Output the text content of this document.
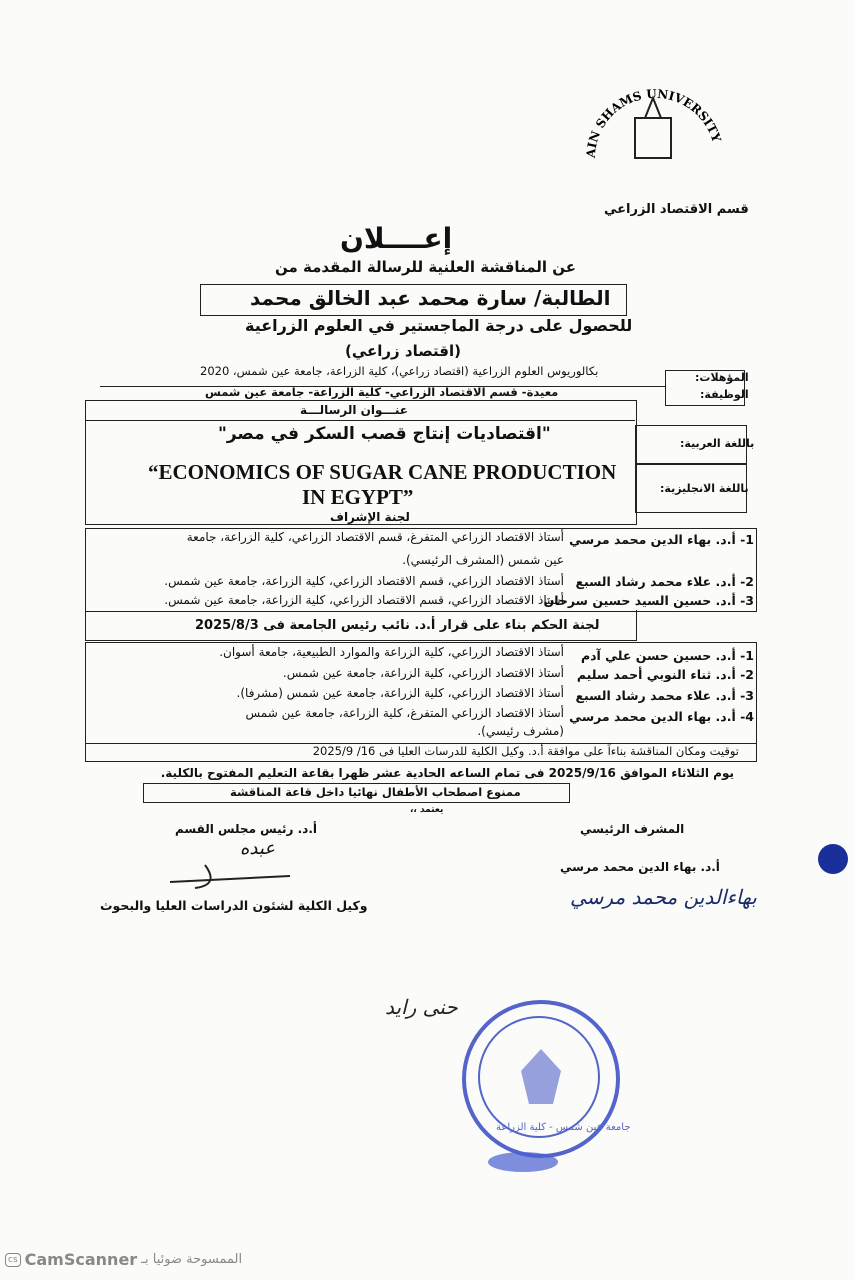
AIN SHAMS UNIVERSITY
قسم الاقتصاد الزراعي
إعــــلان
عن المناقشة العلنية للرسالة المقدمة من
الطالبة/ سارة محمد عبد الخالق محمد
للحصول على درجة الماجستير في العلوم الزراعية
(اقتصاد زراعي)
المؤهلات:
بكالوريوس العلوم الزراعية (اقتصاد زراعي)، كلية الزراعة، جامعة عين شمس، 2020
الوظيفة:
معيدة- قسم الاقتصاد الزراعي- كلية الزراعة- جامعة عين شمس
عنـــوان الرسالـــة
باللغة العربية:
"اقتصاديات إنتاج قصب السكر في مصر"
باللغة الانجليزية:
“ECONOMICS OF SUGAR CANE PRODUCTION
IN EGYPT”
لجنة الإشراف
1- أ.د. بهاء الدين محمد مرسي
أستاذ الاقتصاد الزراعي المتفرغ، قسم الاقتصاد الزراعي، كلية الزراعة، جامعة
عين شمس (المشرف الرئيسي).
2- أ.د. علاء محمد رشاد السبع
أستاذ الاقتصاد الزراعي، قسم الاقتصاد الزراعي، كلية الزراعة، جامعة عين شمس.
3- أ.د. حسين السيد حسين سرحان
أستاذ الاقتصاد الزراعي، قسم الاقتصاد الزراعي، كلية الزراعة، جامعة عين شمس.
لجنة الحكم بناء على قرار أ.د. نائب رئيس الجامعة فى 2025/8/3
1- أ.د. حسين حسن علي آدم
أستاذ الاقتصاد الزراعي، كلية الزراعة والموارد الطبيعية، جامعة أسوان.
2- أ.د. ثناء النوبي أحمد سليم
أستاذ الاقتصاد الزراعي، كلية الزراعة، جامعة عين شمس.
3- أ.د. علاء محمد رشاد السبع
أستاذ الاقتصاد الزراعي، كلية الزراعة، جامعة عين شمس (مشرفا).
4- أ.د. بهاء الدين محمد مرسي
أستاذ الاقتصاد الزراعي المتفرغ، كلية الزراعة، جامعة عين شمس
(مشرف رئيسي).
توقيت ومكان المناقشة بناءاً على موافقة أ.د. وكيل الكلية للدرسات العليا فى 16/ 2025/9
يوم الثلاثاء الموافق 2025/9/16 فى تمام الساعه الحادية عشر ظهرا بقاعة التعليم المفتوح بالكلية.
ممنوع اصطحاب الأطفال نهائيا داخل قاعة المناقشة
يعتمد ،،
المشرف الرئيسي
أ.د. رئيس مجلس القسم
عبده
وكيل الكلية لشئون الدراسات العليا والبحوث
أ.د. بهاء الدين محمد مرسي
بهاءالدين محمد مرسي
حنى رايد
جامعة عين شمس - كلية الزراعة
cs CamScanner الممسوحة ضوئيا بـ
